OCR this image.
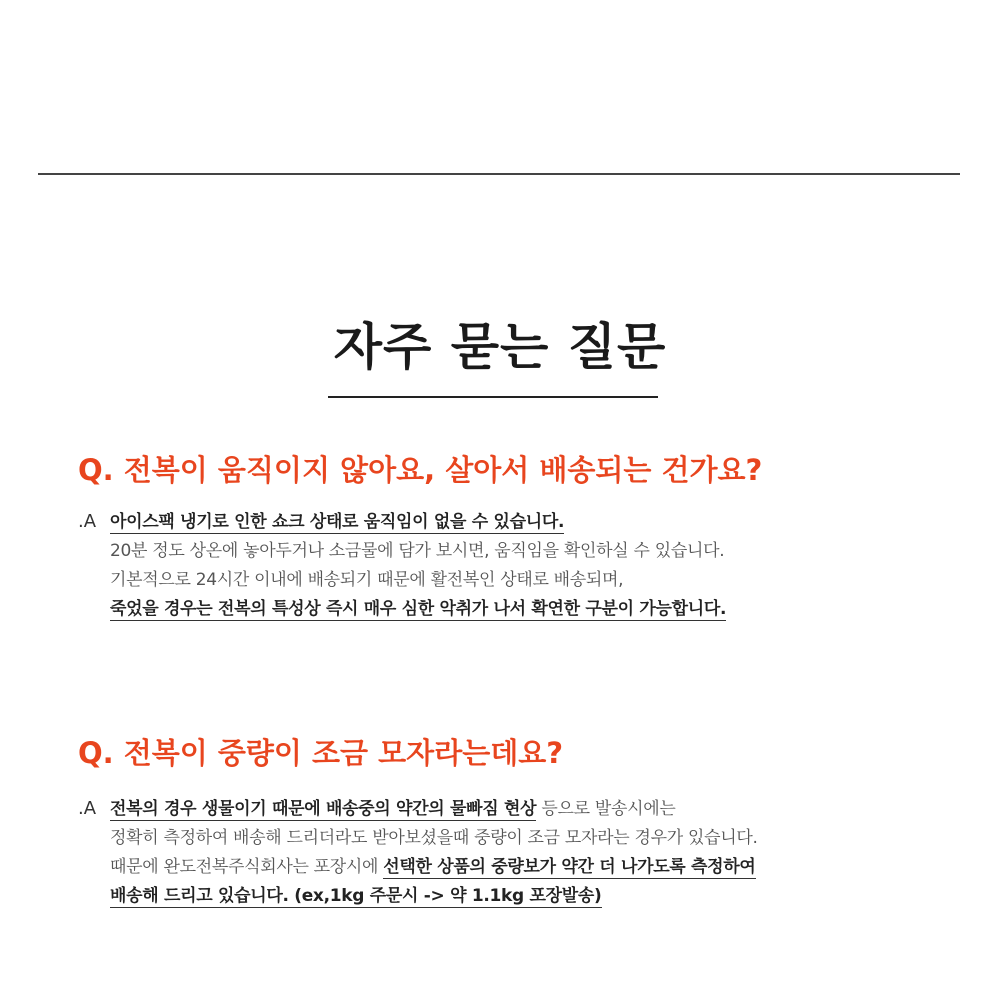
자주 묻는 질문
Q. 전복이 움직이지 않아요, 살아서 배송되는 건가요?
.A 아이스팩 냉기로 인한 쇼크 상태로 움직임이 없을 수 있습니다.
20분 정도 상온에 놓아두거나 소금물에 담가 보시면, 움직임을 확인하실 수 있습니다.
기본적으로 24시간 이내에 배송되기 때문에 활전복인 상태로 배송되며,
죽었을 경우는 전복의 특성상 즉시 매우 심한 악취가 나서 확연한 구분이 가능합니다.
Q. 전복이 중량이 조금 모자라는데요?
.A 전복의 경우 생물이기 때문에 배송중의 약간의 물빠짐 현상 등으로 발송시에는
정확히 측정하여 배송해 드리더라도 받아보셨을때 중량이 조금 모자라는 경우가 있습니다.
때문에 완도전복주식회사는 포장시에 선택한 상품의 중량보가 약간 더 나가도록 측정하여
배송해 드리고 있습니다. (ex,1kg 주문시 -> 약 1.1kg 포장발송)
